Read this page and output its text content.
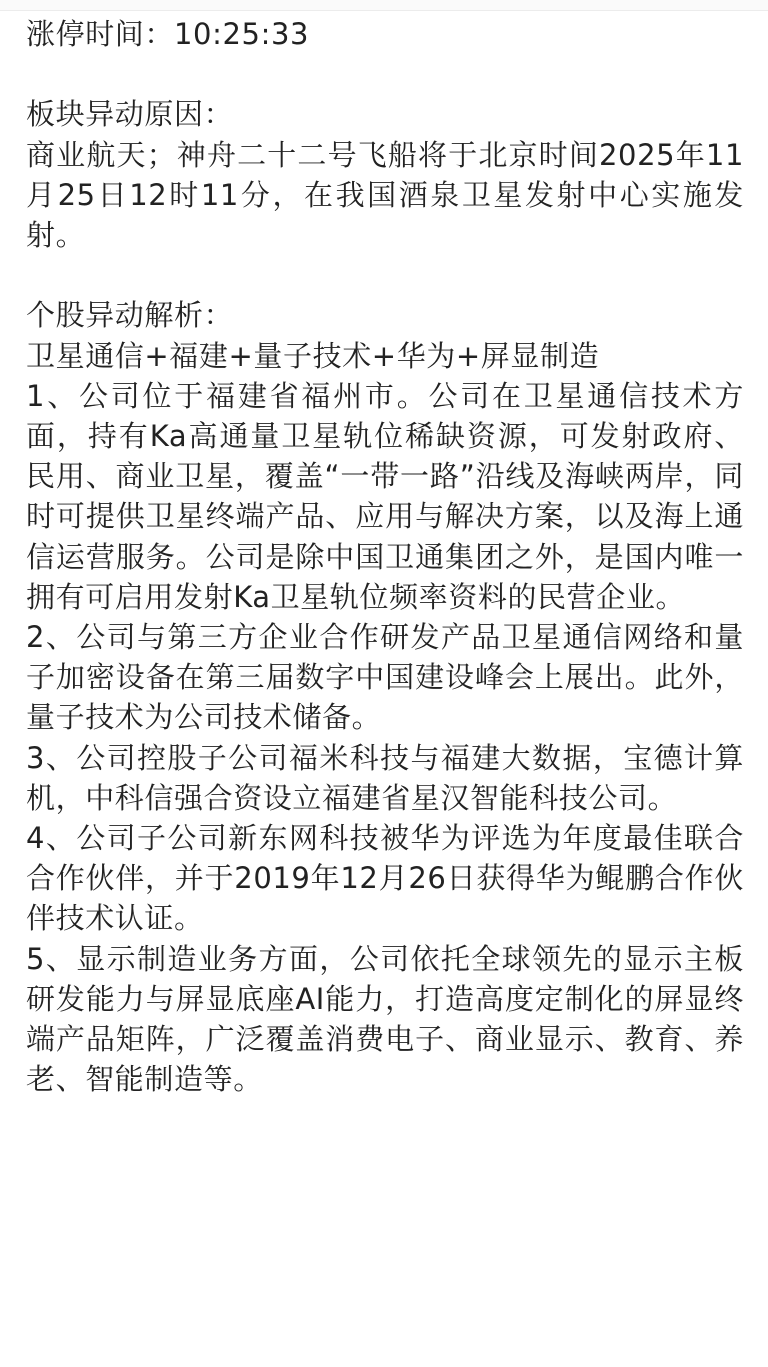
涨停时间：10:25:33

板块异动原因：

商业航天；神舟二十二号飞船将于北京时间2025年11月25日12时11分，在我国酒泉卫星发射中心实施发射。

个股异动解析：

卫星通信+福建+量子技术+华为+屏显制造

1、公司位于福建省福州市。公司在卫星通信技术方面，持有Ka高通量卫星轨位稀缺资源，可发射政府、民用、商业卫星，覆盖“一带一路”沿线及海峡两岸，同时可提供卫星终端产品、应用与解决方案，以及海上通信运营服务。公司是除中国卫通集团之外，是国内唯一拥有可启用发射Ka卫星轨位频率资料的民营企业。

2、公司与第三方企业合作研发产品卫星通信网络和量子加密设备在第三届数字中国建设峰会上展出。此外，量子技术为公司技术储备。

3、公司控股子公司福米科技与福建大数据，宝德计算机，中科信强合资设立福建省星汉智能科技公司。

4、公司子公司新东网科技被华为评选为年度最佳联合合作伙伴，并于2019年12月26日获得华为鲲鹏合作伙伴技术认证。

5、显示制造业务方面，公司依托全球领先的显示主板研发能力与屏显底座AI能力，打造高度定制化的屏显终端产品矩阵，广泛覆盖消费电子、商业显示、教育、养老、智能制造等。
